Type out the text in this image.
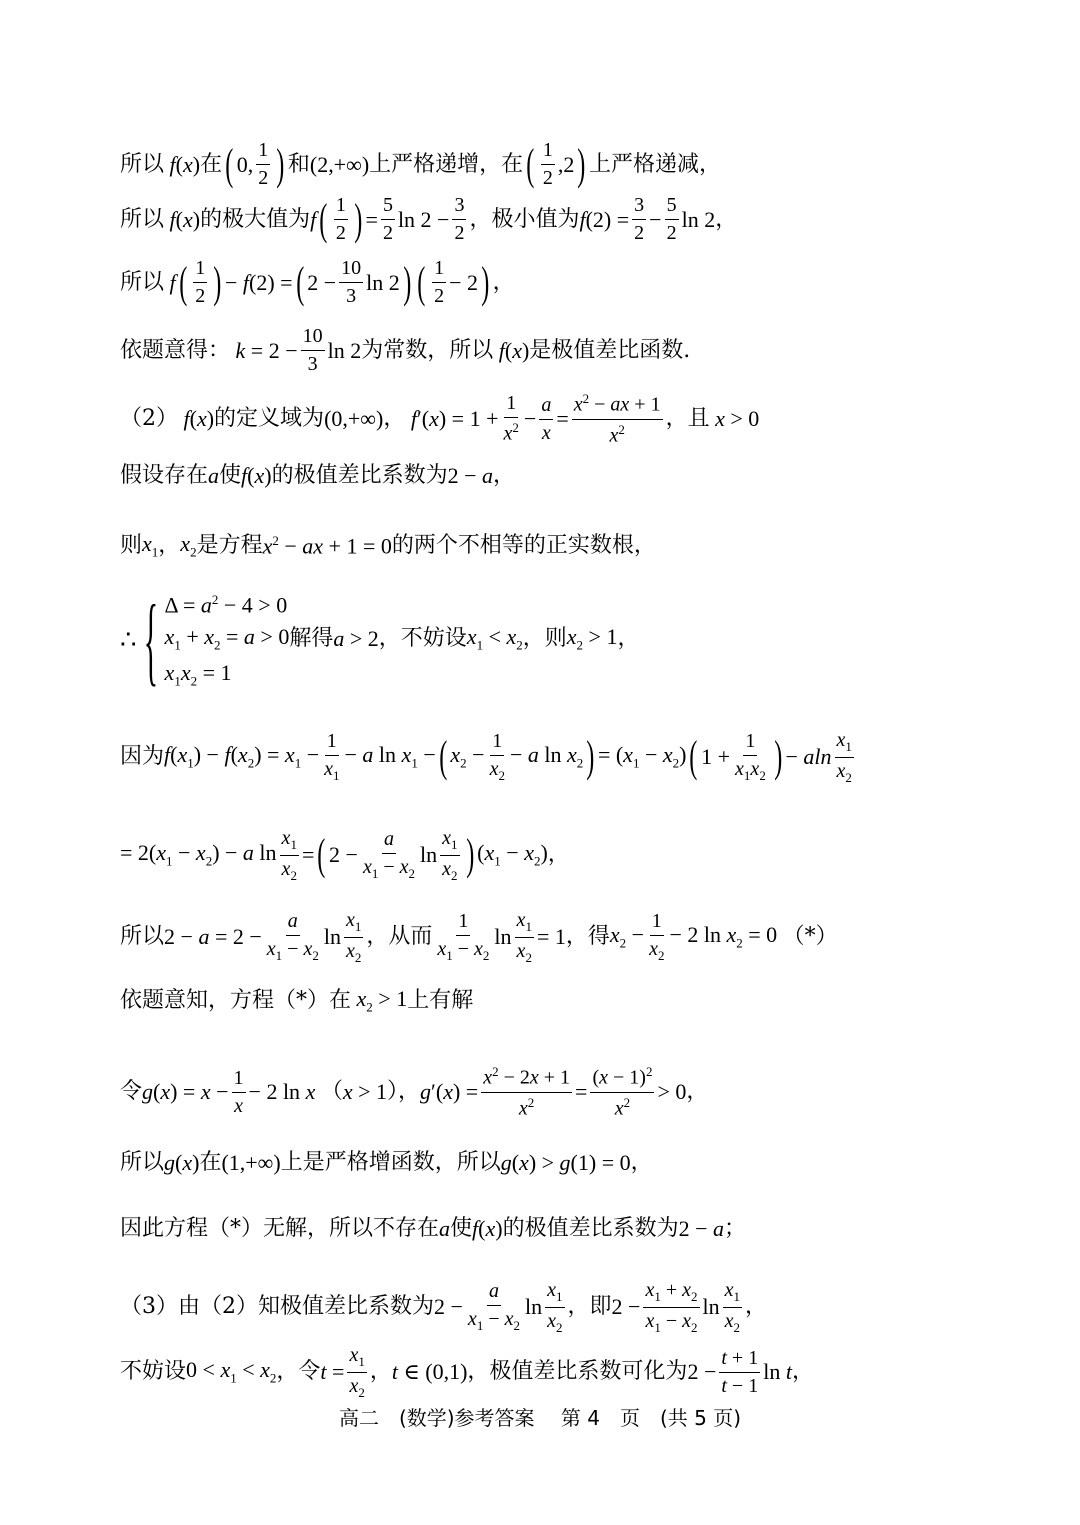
所以 f ( x ) 在 ( 0, $\frac{1}{2}$ ) 和 (2,+∞) 上严格递增，在 ( $\frac{1}{2} ,2$ ) 上严格递减，
所以 f(x) 的极大值为 f ( $\frac{1}{2}$ ) = $\frac{5}{2}$ $\ln 2 - \frac{3}{2}$ ，极小值为 $f(2) = \frac{3}{2} - \frac{5}{2}$ ln 2 ，
所以 f ( $\frac{1}{2}$ ) − f(2) = ( $2 - \frac{10}{3}$ ln 2 ) ( $\frac{1}{2} - 2$ ) ，
依题意得： $k = 2 - \frac{10}{3}$ ln 2 为常数，所以 f(x) 是极值差比函数.
（2） f(x) 的定义域为 (0,+∞) ， $f'(x) = 1 + \frac{1}{x^2} - \frac{a}{x} = \frac{x^2 - ax + 1}{x^2}$ ，且 x > 0
假设存在 a 使 f(x) 的极值差比系数为 2 − a ，
则 $x_1$ ， $x_2$ 是方程 $x^2$ − ax + 1 = 0 的两个不相等的正实数根，
∴ { $\Delta = a^2 - 4 > 0$
$x_1 + x_2 = a > 0$ 解得 a > 2 ，不妨设 $x_1 < x_2$ ，则 $x_2 > 1$ ，
$x_1x_2 = 1$
因为 $f(x_1) - f(x_2) = x_1 - \frac{1}{x_1} - a$ $\ln x_1$ − ( $x_2 - \frac{1}{x_2} - a$ $\ln x_2$ ) = $(x_1 - x_2)$ ( $1 + \frac{1}{x_1x_2}$ ) − aln $\frac{x_1}{x_2}$
= $2(x_1 - x_2) - a$ $\ln \frac{x_1}{x_2}$ = ( $2 - \frac{a}{x_1 - x_2}$ $\ln \frac{x_1}{x_2}$ ) $(x_1 - x_2)$ ，
所以 $2 - a = 2 - \frac{a}{x_1 - x_2}$ $\ln \frac{x_1}{x_2}$ ，从而 $\frac{1}{x_1 - x_2}$ $\ln \frac{x_1}{x_2} = 1$ ，得 $x_2 - \frac{1}{x_2} - 2$ $\ln x_2 = 0$ （*）
依题意知，方程（*）在 $x_2 > 1$ 上有解
令 $g(x) = x - \frac{1}{x} - 2$ ln x （ x > 1 ）， $g'(x) = \frac{x^2 - 2x + 1}{x^2} = \frac{(x - 1)^2}{x^2} > 0$ ，
所以 g(x) 在 (1,+∞) 上是严格增函数，所以 g(x) > g(1) = 0 ，
因此方程（*）无解，所以不存在 a 使 f(x) 的极值差比系数为 2 − a ；
（3）由（2）知极值差比系数为 $2 - \frac{a}{x_1 - x_2}$ $\ln \frac{x_1}{x_2}$ ，即 $2 - \frac{x_1 + x_2}{x_1 - x_2}$ $\ln \frac{x_1}{x_2}$ ，
不妨设 $0 < x_1 < x_2$ ，令 $t = \frac{x_1}{x_2}$ ， t ∈ (0,1) ，极值差比系数可化为 $2 - \frac{t + 1}{t - 1}$ ln t ，
高二　(数学)参考答案　 第 4　页　(共 5 页)
